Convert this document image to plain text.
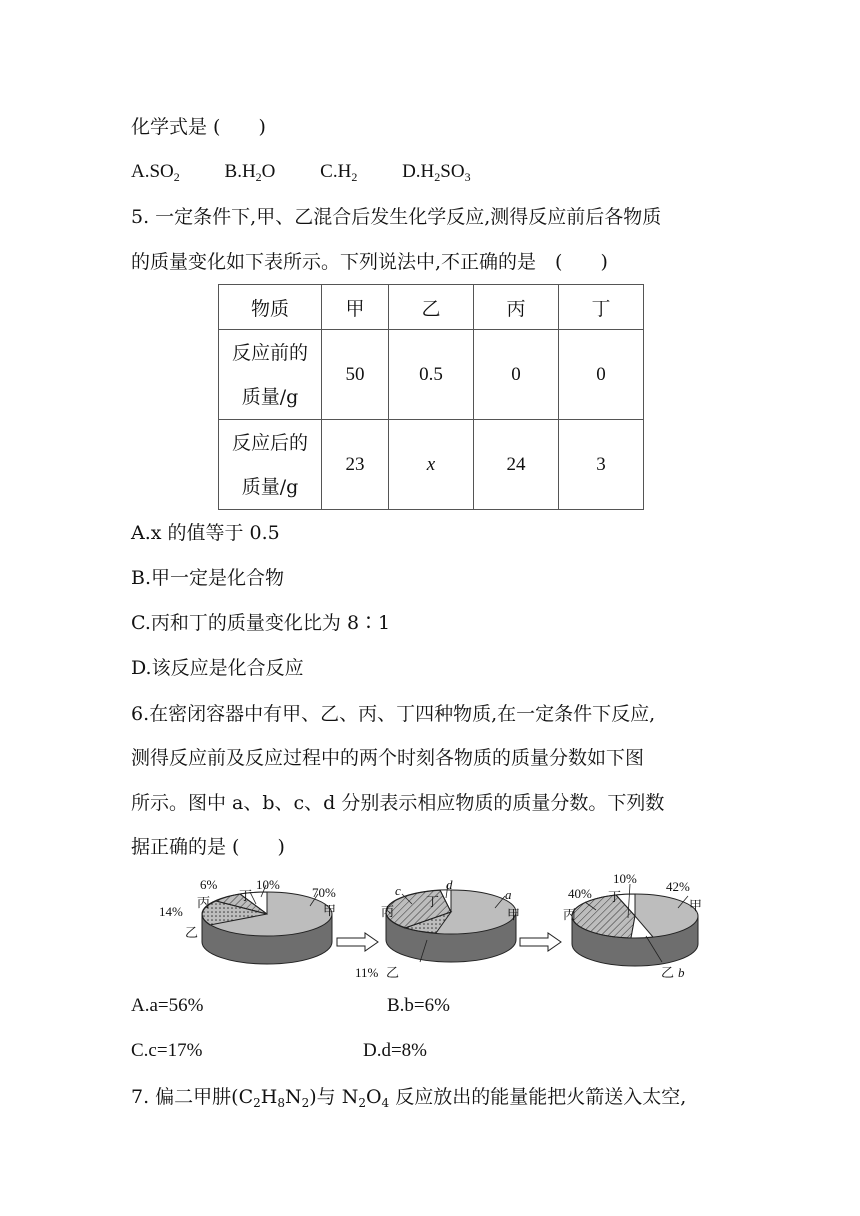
化学式是 (　　)
$A.SO_2$ $B.H_2O$ $C.H_2$ $D.H_2SO_3$
5. 一定条件下,甲、乙混合后发生化学反应,测得反应前后各物质
的质量变化如下表所示。下列说法中,不正确的是　(　　)
物质	甲	乙	丙	丁

反应前的
质量/g	50	0.5	0	0

反应后的
质量/g	23	x	24	3
A.x 的值等于 0.5
B.甲一定是化合物
C.丙和丁的质量变化比为 8∶1
D.该反应是化合反应
6.在密闭容器中有甲、乙、丙、丁四种物质,在一定条件下反应,
测得反应前及反应过程中的两个时刻各物质的质量分数如下图
所示。图中 a、b、c、d 分别表示相应物质的质量分数。下列数
据正确的是 (　　)
6%
丙 丁
10%
70%
甲
14%
乙
c	d
丙
丁	a
甲
11% 乙
10%
40%
丙
丁
42%
甲
乙 b
A.a=56%	B.b=6%
C.c=17%	D.d=8%
7. 偏二甲肼$(C_2H_8N_2)$与 $N_2O_4$ 反应放出的能量能把火箭送入太空,
